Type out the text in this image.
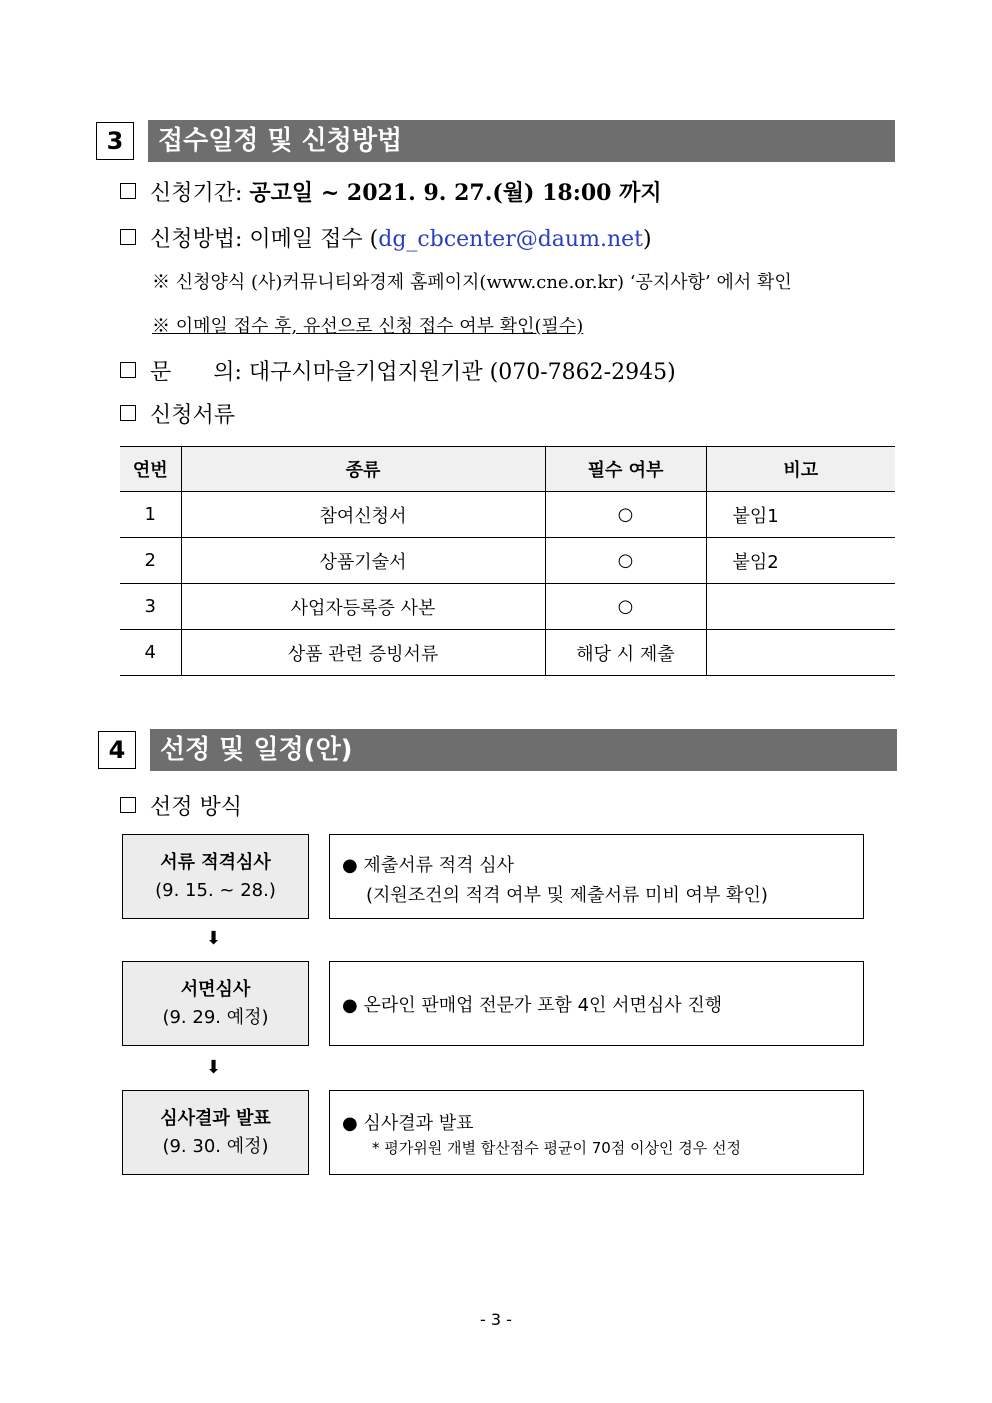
3	접수일정 및 신청방법
신청기간: 공고일 ~ 2021. 9. 27.(월) 18:00 까지
신청방법: 이메일 접수 (dg_cbcenter@daum.net)
※ 신청양식 (사)커뮤니티와경제 홈페이지(www.cne.or.kr) ‘공지사항’ 에서 확인
※ 이메일 접수 후, 유선으로 신청 접수 여부 확인(필수)
문      의: 대구시마을기업지원기관 (070-7862-2945)
신청서류
연번	종류	필수 여부	비고
1	참여신청서	○	붙임1
2	상품기술서	○	붙임2
3	사업자등록증 사본	○	
4	상품 관련 증빙서류	해당 시 제출	
4	선정 및 일정(안)
선정 방식
서류 적격심사
(9. 15. ~ 28.)
● 제출서류 적격 심사
(지원조건의 적격 여부 및 제출서류 미비 여부 확인)
⬇
서면심사
(9. 29. 예정)
● 온라인 판매업 전문가 포함 4인 서면심사 진행
⬇
심사결과 발표
(9. 30. 예정)
● 심사결과 발표
* 평가위원 개별 합산점수 평균이 70점 이상인 경우 선정
- 3 -
